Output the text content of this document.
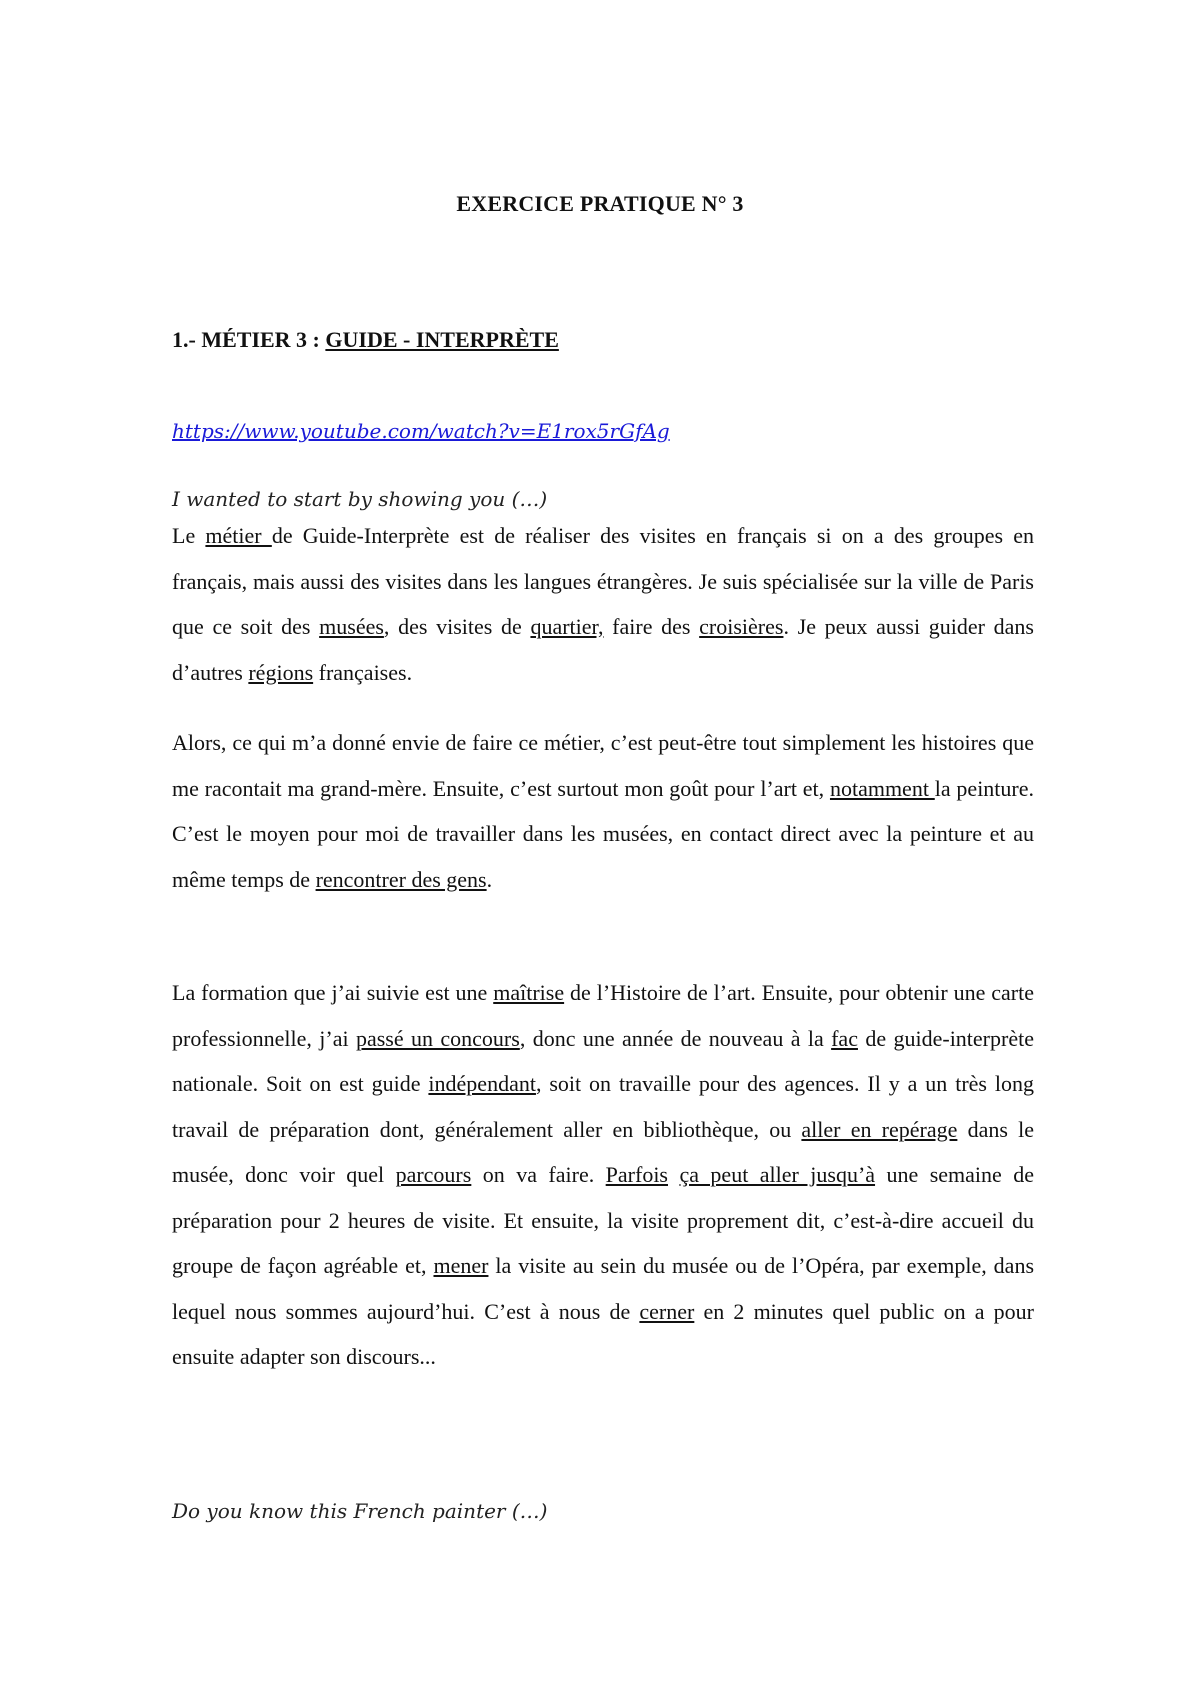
EXERCICE PRATIQUE N° 3
1.- MÉTIER 3 : GUIDE - INTERPRÈTE
https://www.youtube.com/watch?v=E1rox5rGfAg
I wanted to start by showing you (…)

Le métier de Guide-Interprète est de réaliser des visites en français si on a des groupes en français, mais aussi des visites dans les langues étrangères. Je suis spécialisée sur la ville de Paris que ce soit des musées, des visites de quartier, faire des croisières. Je peux aussi guider dans d’autres régions françaises.

Alors, ce qui m’a donné envie de faire ce métier, c’est peut-être tout simplement les histoires que me racontait ma grand-mère. Ensuite, c’est surtout mon goût pour l’art et, notamment la peinture. C’est le moyen pour moi de travailler dans les musées, en contact direct avec la peinture et au même temps de rencontrer des gens.

La formation que j’ai suivie est une maîtrise de l’Histoire de l’art. Ensuite, pour obtenir une carte professionnelle, j’ai passé un concours, donc une année de nouveau à la fac de guide-interprète nationale. Soit on est guide indépendant, soit on travaille pour des agences. Il y a un très long travail de préparation dont, généralement aller en bibliothèque, ou aller en repérage dans le musée, donc voir quel parcours on va faire. Parfois ça peut aller jusqu’à une semaine de préparation pour 2 heures de visite. Et ensuite, la visite proprement dit, c’est-à-dire accueil du groupe de façon agréable et, mener la visite au sein du musée ou de l’Opéra, par exemple, dans lequel nous sommes aujourd’hui. C’est à nous de cerner en 2 minutes quel public on a pour ensuite adapter son discours...

Do you know this French painter (…)
